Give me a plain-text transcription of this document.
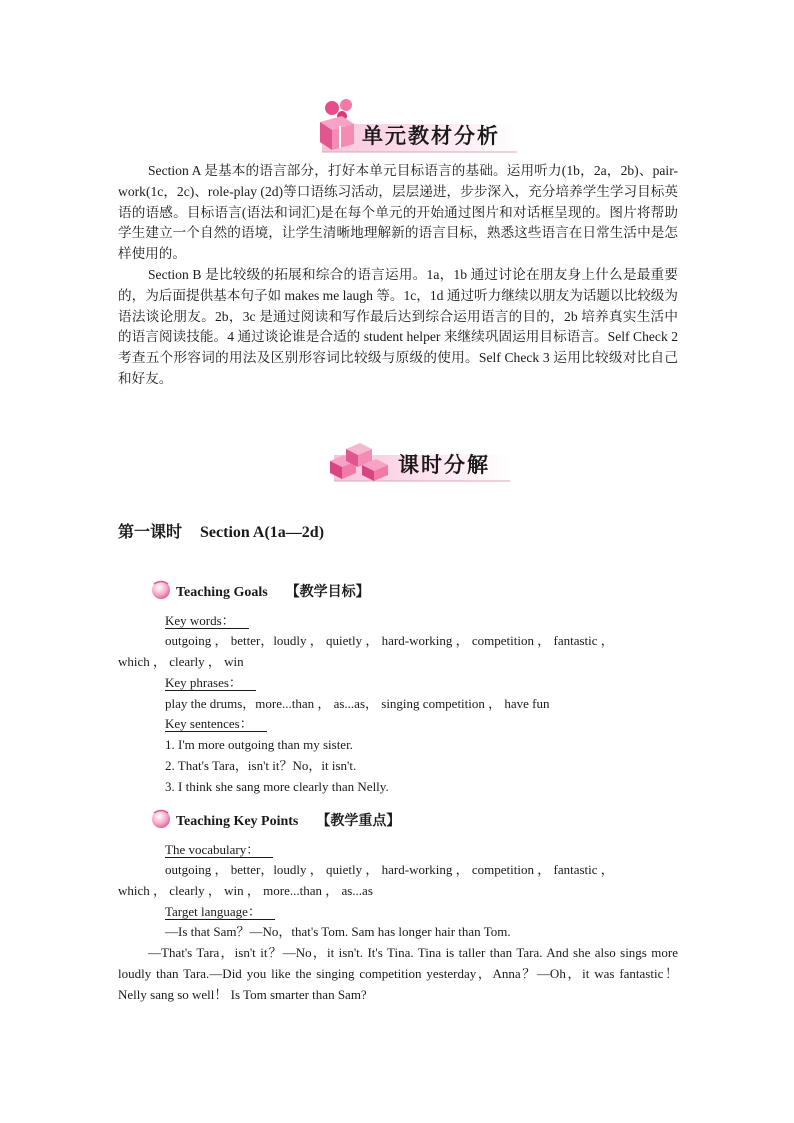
单元教材分析

Section A 是基本的语言部分，打好本单元目标语言的基础。运用听力(1b，2a，2b)、pair-work(1c，2c)、role-play (2d)等口语练习活动，层层递进，步步深入，充分培养学生学习目标英语的语感。目标语言(语法和词汇)是在每个单元的开始通过图片和对话框呈现的。图片将帮助学生建立一个自然的语境，让学生清晰地理解新的语言目标，熟悉这些语言在日常生活中是怎样使用的。

Section B 是比较级的拓展和综合的语言运用。1a，1b 通过讨论在朋友身上什么是最重要的，为后面提供基本句子如 makes me laugh 等。1c，1d 通过听力继续以朋友为话题以比较级为语法谈论朋友。2b，3c 是通过阅读和写作最后达到综合运用语言的目的，2b 培养真实生活中的语言阅读技能。4 通过谈论谁是合适的 student helper 来继续巩固运用目标语言。Self Check 2 考查五个形容词的用法及区别形容词比较级与原级的使用。Self Check 3 运用比较级对比自己和好友。

课时分解
第一课时 Section A(1a—2d)
Teaching Goals 【教学目标】
Key words：
outgoing ， better，loudly ， quietly ， hard-working ， competition ， fantastic ，
which ， clearly ， win
Key phrases：
play the drums，more...than ， as...as， singing competition ， have fun
Key sentences：
1. I'm more outgoing than my sister.
2. That's Tara，isn't it？No，it isn't.
3. I think she sang more clearly than Nelly.
Teaching Key Points 【教学重点】
The vocabulary：
outgoing ， better，loudly ， quietly ， hard-working ， competition ， fantastic ，
which ， clearly ， win ， more...than ， as...as
Target language：
—Is that Sam？—No，that's Tom. Sam has longer hair than Tom.
—That's Tara，isn't it？—No，it isn't. It's Tina. Tina is taller than Tara. And she also sings more loudly than Tara.—Did you like the singing competition yesterday，Anna？—Oh，it was fantastic！ Nelly sang so well！ Is Tom smarter than Sam?
